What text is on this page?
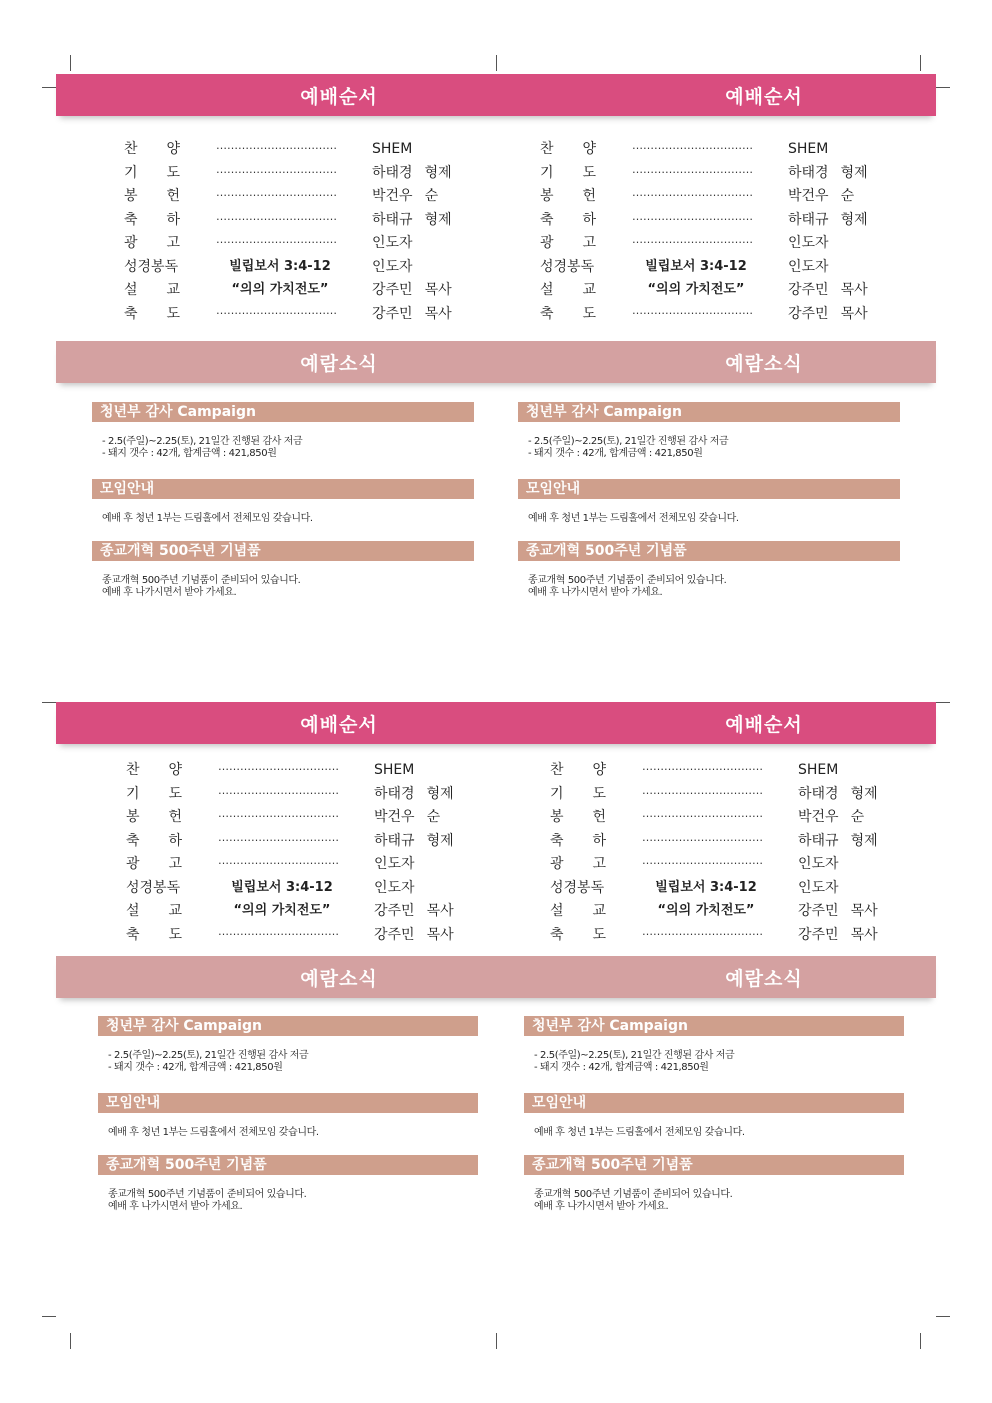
예배순서	예배순서
예람소식	예람소식
찬 양	……………………………	SHEM
기 도	……………………………	하태경 형제
봉 헌	……………………………	박건우 순
축 하	……………………………	하태규 형제
광 고	……………………………	인도자
성경봉독	빌립보서 3:4-12	인도자
설 교	“의의 가치전도”	강주민 목사
축 도	……………………………	강주민 목사
청년부 감사 Campaign
- 2.5(주일)~2.25(토), 21일간 진행된 감사 저금
- 돼지 갯수 : 42개, 합계금액 : 421,850원
모임안내
예배 후 청년 1부는 드림홀에서 전체모임 갖습니다.
종교개혁 500주년 기념품
종교개혁 500주년 기념품이 준비되어 있습니다.
예배 후 나가시면서 받아 가세요.
찬 양	……………………………	SHEM
기 도	……………………………	하태경 형제
봉 헌	……………………………	박건우 순
축 하	……………………………	하태규 형제
광 고	……………………………	인도자
성경봉독	빌립보서 3:4-12	인도자
설 교	“의의 가치전도”	강주민 목사
축 도	……………………………	강주민 목사
청년부 감사 Campaign
- 2.5(주일)~2.25(토), 21일간 진행된 감사 저금
- 돼지 갯수 : 42개, 합계금액 : 421,850원
모임안내
예배 후 청년 1부는 드림홀에서 전체모임 갖습니다.
종교개혁 500주년 기념품
종교개혁 500주년 기념품이 준비되어 있습니다.
예배 후 나가시면서 받아 가세요.
예배순서	예배순서
예람소식	예람소식
찬 양	……………………………	SHEM
기 도	……………………………	하태경 형제
봉 헌	……………………………	박건우 순
축 하	……………………………	하태규 형제
광 고	……………………………	인도자
성경봉독	빌립보서 3:4-12	인도자
설 교	“의의 가치전도”	강주민 목사
축 도	……………………………	강주민 목사
청년부 감사 Campaign
- 2.5(주일)~2.25(토), 21일간 진행된 감사 저금
- 돼지 갯수 : 42개, 합계금액 : 421,850원
모임안내
예배 후 청년 1부는 드림홀에서 전체모임 갖습니다.
종교개혁 500주년 기념품
종교개혁 500주년 기념품이 준비되어 있습니다.
예배 후 나가시면서 받아 가세요.
찬 양	……………………………	SHEM
기 도	……………………………	하태경 형제
봉 헌	……………………………	박건우 순
축 하	……………………………	하태규 형제
광 고	……………………………	인도자
성경봉독	빌립보서 3:4-12	인도자
설 교	“의의 가치전도”	강주민 목사
축 도	……………………………	강주민 목사
청년부 감사 Campaign
- 2.5(주일)~2.25(토), 21일간 진행된 감사 저금
- 돼지 갯수 : 42개, 합계금액 : 421,850원
모임안내
예배 후 청년 1부는 드림홀에서 전체모임 갖습니다.
종교개혁 500주년 기념품
종교개혁 500주년 기념품이 준비되어 있습니다.
예배 후 나가시면서 받아 가세요.
